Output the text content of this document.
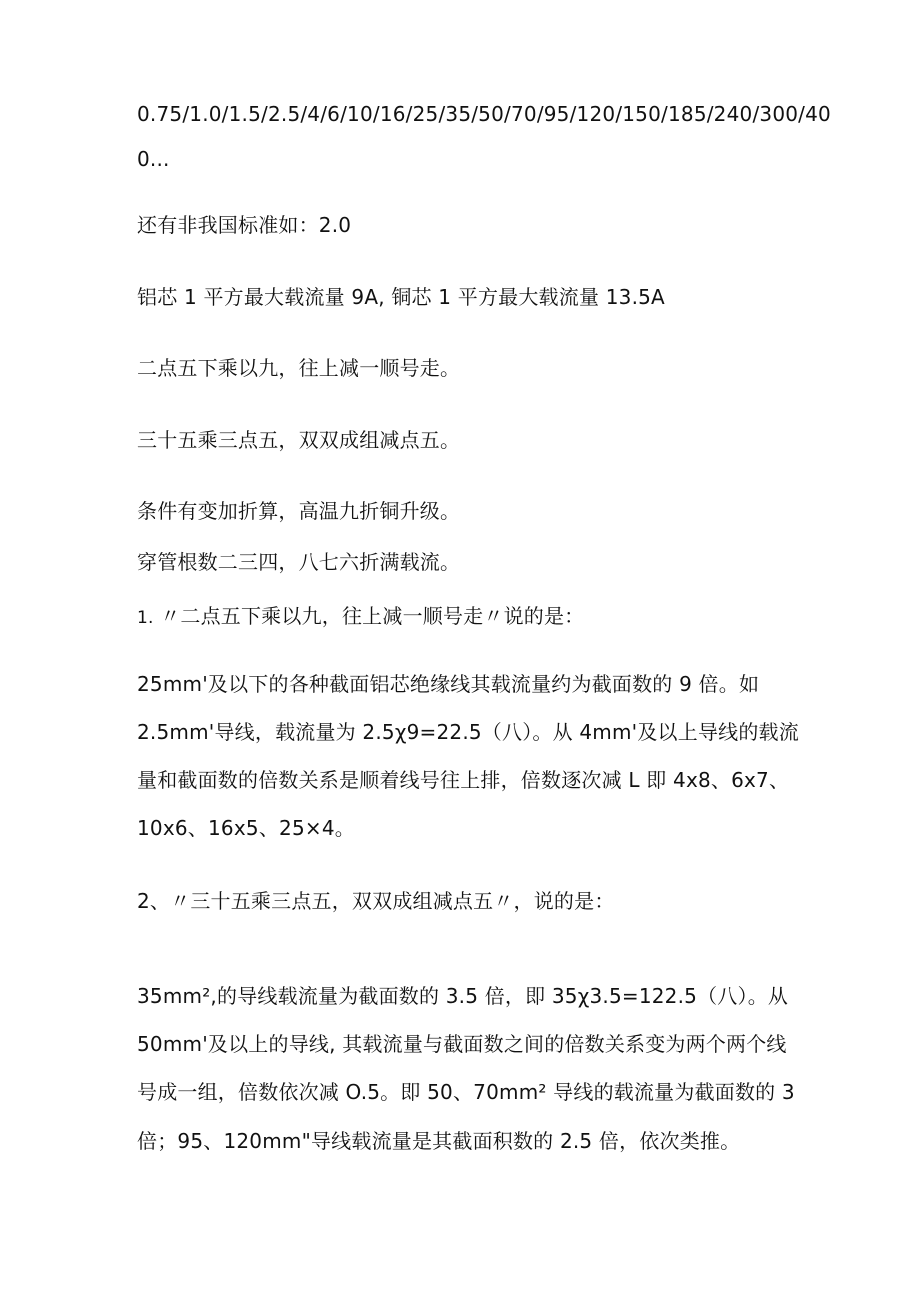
0.75/1.0/1.5/2.5/4/6/10/16/25/35/50/70/95/120/150/185/240/300/40
0...
还有非我国标准如：2.0
铝芯 1 平方最大载流量 9A, 铜芯 1 平方最大载流量 13.5A
二点五下乘以九，往上减一顺号走。
三十五乘三点五，双双成组减点五。
条件有变加折算，高温九折铜升级。
穿管根数二三四，八七六折满载流。
1. 〃二点五下乘以九，往上减一顺号走〃说的是：
25mm'及以下的各种截面铝芯绝缘线其载流量约为截面数的 9 倍。如
2.5mm'导线，载流量为 2.5χ9=22.5（八）。从 4mm'及以上导线的载流
量和截面数的倍数关系是顺着线号往上排，倍数逐次减 L 即 4x8、6x7、
10x6、16x5、25×4。
2、〃三十五乘三点五，双双成组减点五〃，说的是：
35mm²,的导线载流量为截面数的 3.5 倍，即 35χ3.5=122.5（八）。从
50mm'及以上的导线, 其载流量与截面数之间的倍数关系变为两个两个线
号成一组，倍数依次减 O.5。即 50、70mm² 导线的载流量为截面数的 3
倍；95、120mm"导线载流量是其截面积数的 2.5 倍，依次类推。
